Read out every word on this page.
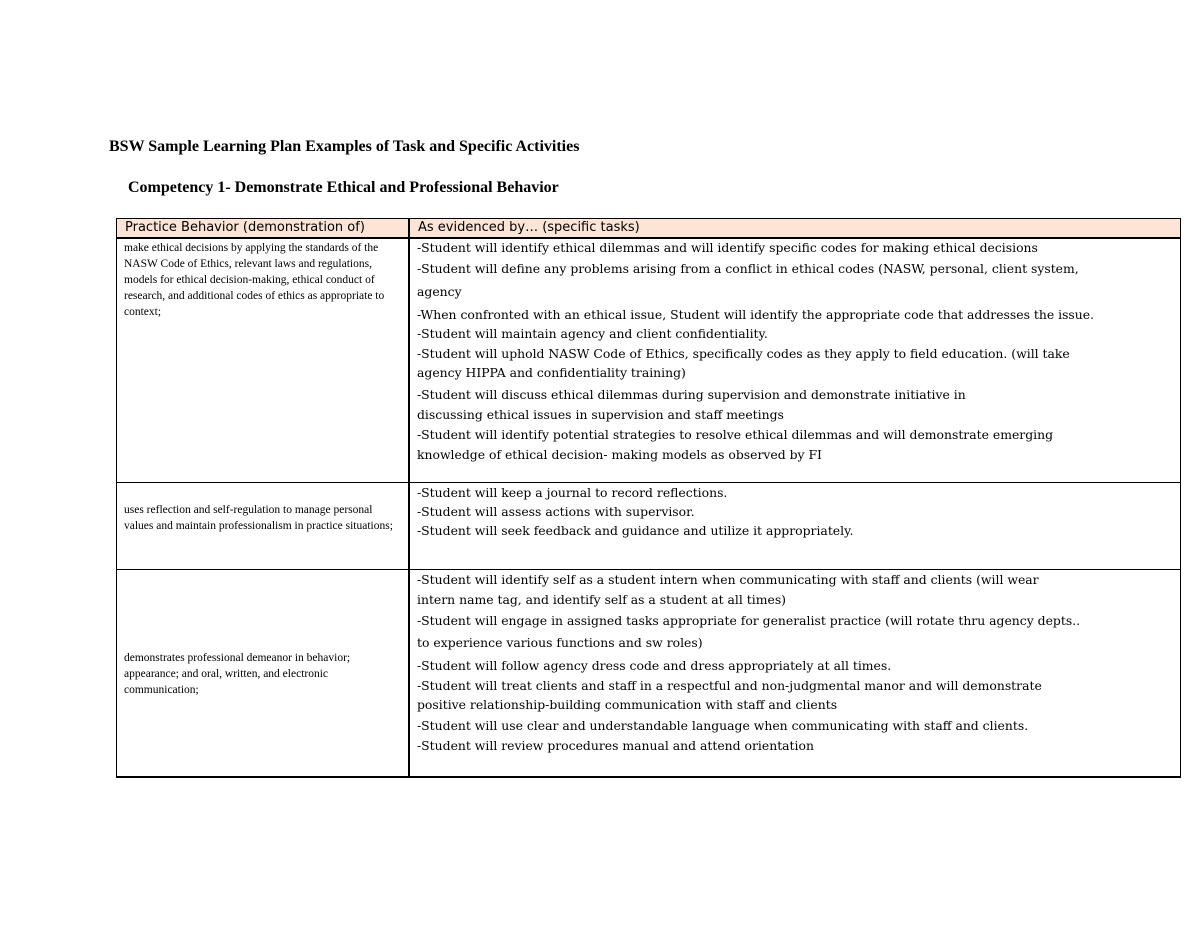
BSW Sample Learning Plan Examples of Task and Specific Activities
Competency 1- Demonstrate Ethical and Professional Behavior
Practice Behavior (demonstration of)	As evidenced by… (specific tasks)
make ethical decisions by applying the standards of the NASW Code of Ethics, relevant laws and regulations, models for ethical decision-making, ethical conduct of research, and additional codes of ethics as appropriate to context;
-Student will identify ethical dilemmas and will identify specific codes for making ethical decisions
-Student will define any problems arising from a conflict in ethical codes (NASW, personal, client system,
agency
-When confronted with an ethical issue, Student will identify the appropriate code that addresses the issue.
-Student will maintain agency and client confidentiality.
-Student will uphold NASW Code of Ethics, specifically codes as they apply to field education. (will take
agency HIPPA and confidentiality training)
-Student will discuss ethical dilemmas during supervision and demonstrate initiative in
discussing ethical issues in supervision and staff meetings
-Student will identify potential strategies to resolve ethical dilemmas and will demonstrate emerging
knowledge of ethical decision- making models as observed by FI
uses reflection and self-regulation to manage personal values and maintain professionalism in practice situations;
-Student will keep a journal to record reflections.
-Student will assess actions with supervisor.
-Student will seek feedback and guidance and utilize it appropriately.
demonstrates professional demeanor in behavior; appearance; and oral, written, and electronic communication;
-Student will identify self as a student intern when communicating with staff and clients (will wear
intern name tag, and identify self as a student at all times)
-Student will engage in assigned tasks appropriate for generalist practice (will rotate thru agency depts..
to experience various functions and sw roles)
-Student will follow agency dress code and dress appropriately at all times.
-Student will treat clients and staff in a respectful and non-judgmental manor and will demonstrate
positive relationship-building communication with staff and clients
-Student will use clear and understandable language when communicating with staff and clients.
-Student will review procedures manual and attend orientation
